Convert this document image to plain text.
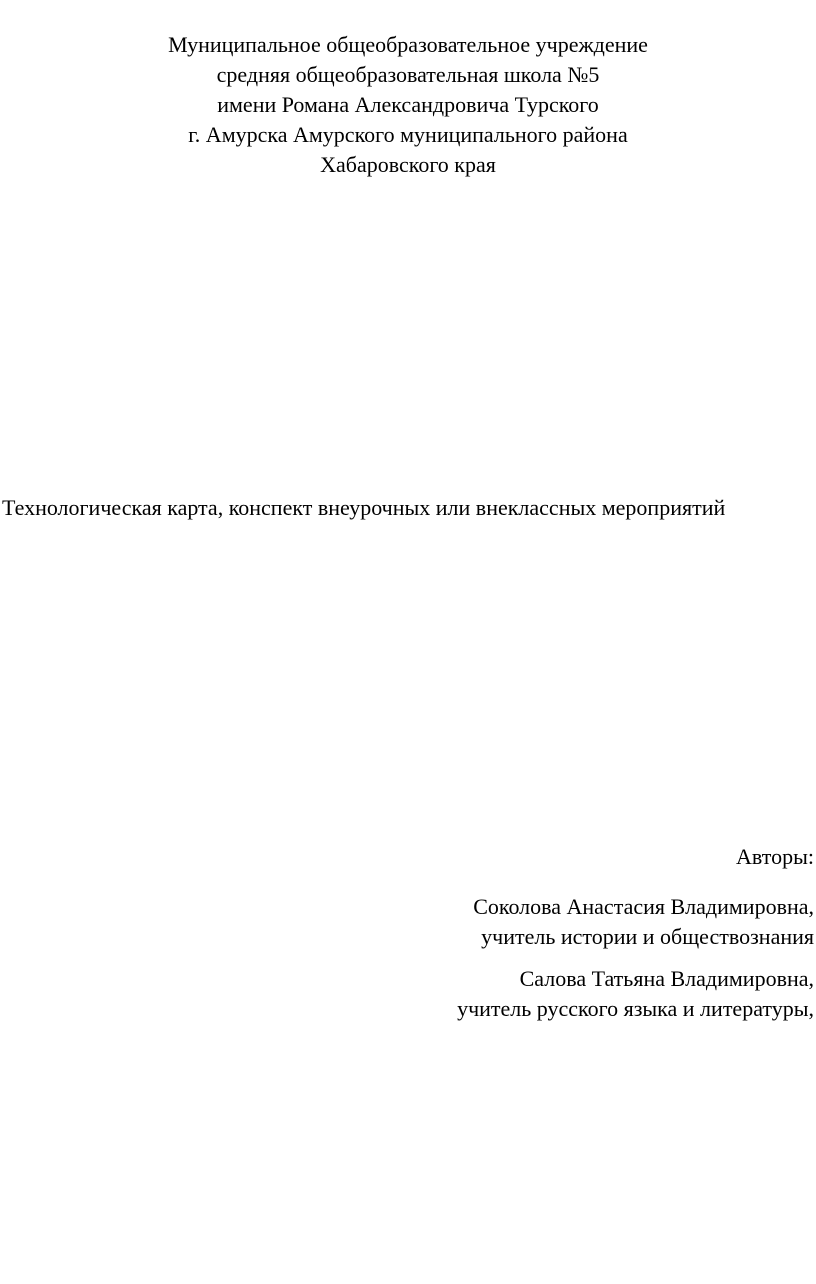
Муниципальное общеобразовательное учреждение
средняя общеобразовательная школа №5
имени Романа Александровича Турского
г. Амурска Амурского муниципального района
Хабаровского края
Технологическая карта, конспект внеурочных или внеклассных мероприятий
Авторы:
Соколова Анастасия Владимировна,
учитель истории и обществознания
Салова Татьяна Владимировна,
учитель русского языка и литературы,
